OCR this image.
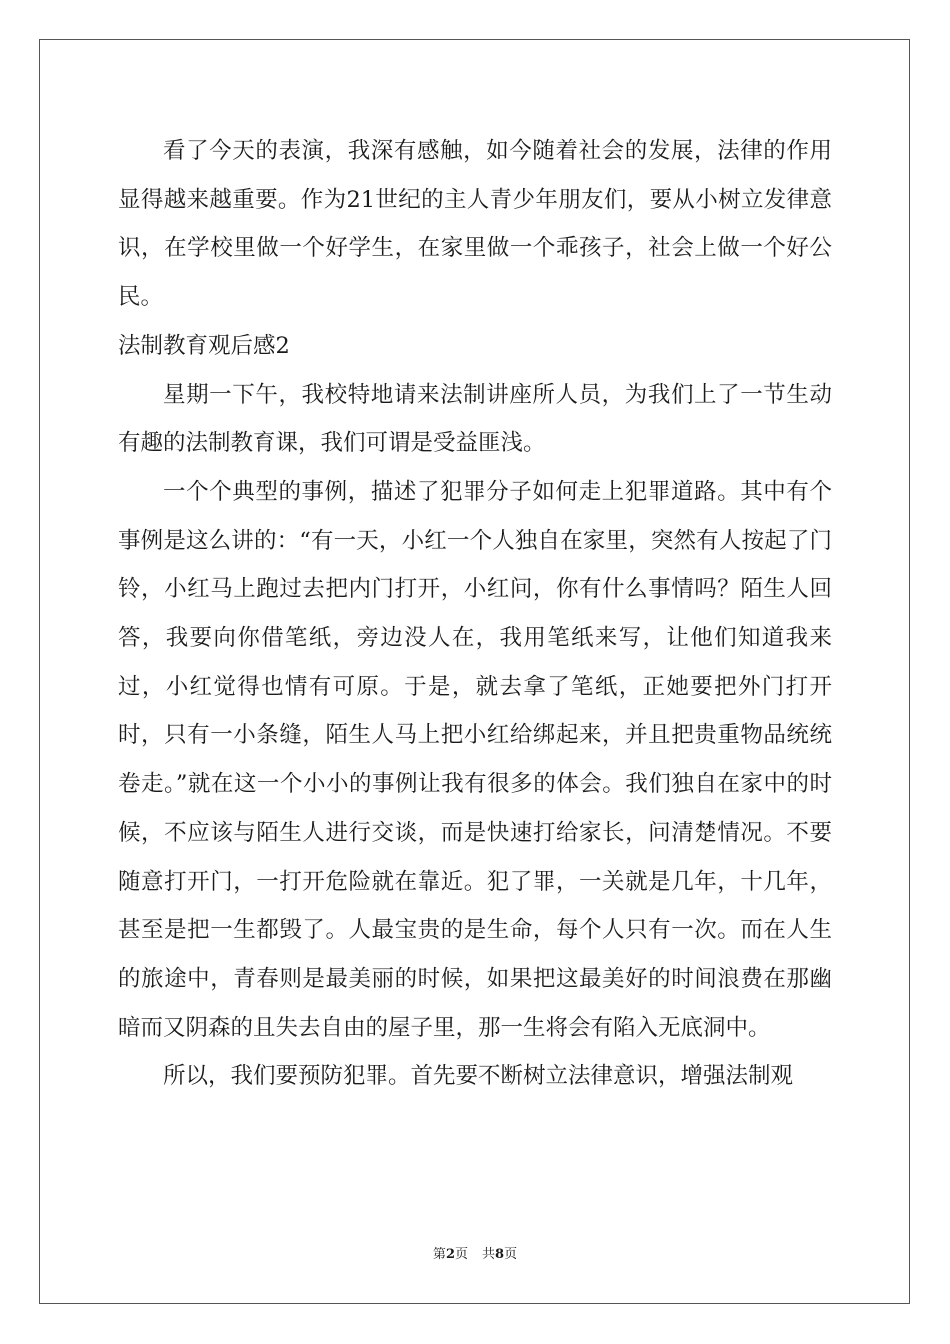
看了今天的表演，我深有感触，如今随着社会的发展，法律的作用显得越来越重要。作为21世纪的主人青少年朋友们，要从小树立发律意识，在学校里做一个好学生，在家里做一个乖孩子，社会上做一个好公民。

法制教育观后感2

星期一下午，我校特地请来法制讲座所人员，为我们上了一节生动有趣的法制教育课，我们可谓是受益匪浅。

一个个典型的事例，描述了犯罪分子如何走上犯罪道路。其中有个事例是这么讲的：“有一天，小红一个人独自在家里，突然有人按起了门铃，小红马上跑过去把内门打开，小红问，你有什么事情吗？陌生人回答，我要向你借笔纸，旁边没人在，我用笔纸来写，让他们知道我来过，小红觉得也情有可原。于是，就去拿了笔纸，正她要把外门打开时，只有一小条缝，陌生人马上把小红给绑起来，并且把贵重物品统统卷走。”就在这一个小小的事例让我有很多的体会。我们独自在家中的时候，不应该与陌生人进行交谈，而是快速打给家长，问清楚情况。不要随意打开门，一打开危险就在靠近。犯了罪，一关就是几年，十几年，甚至是把一生都毁了。人最宝贵的是生命，每个人只有一次。而在人生的旅途中，青春则是最美丽的时候，如果把这最美好的时间浪费在那幽暗而又阴森的且失去自由的屋子里，那一生将会有陷入无底洞中。

所以，我们要预防犯罪。首先要不断树立法律意识，增强法制观

第2页 共8页
